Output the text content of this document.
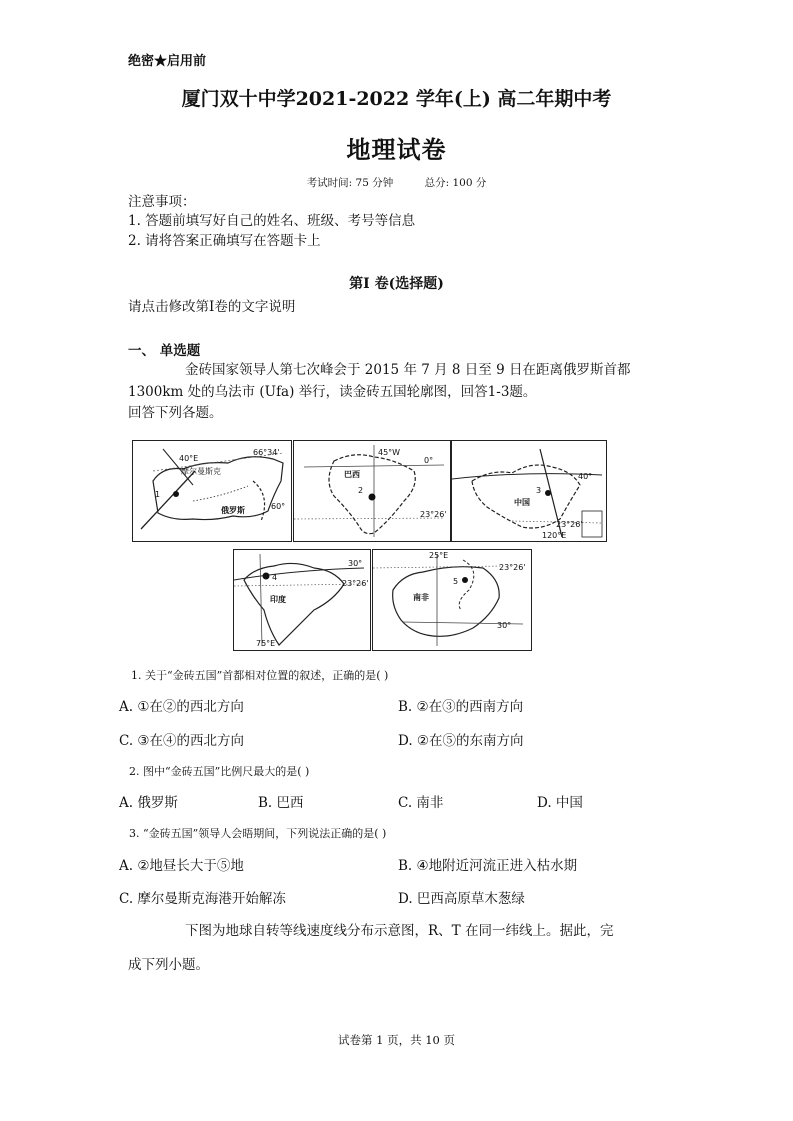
绝密★启用前
厦门双十中学2021-2022 学年(上) 高二年期中考
地理试卷
考试时间: 75 分钟	总分: 100 分
注意事项：
1. 答题前填写好自己的姓名、班级、考号等信息
2. 请将答案正确填写在答题卡上
第Ⅰ 卷(选择题)
请点击修改第Ⅰ卷的文字说明
一、 单选题
金砖国家领导人第七次峰会于 2015 年 7 月 8 日至 9 日在距离俄罗斯首都
1300km 处的乌法市 (Ufa) 举行，读金砖五国轮廓图，回答1-3题。
回答下列各题。
1
40°E
摩尔曼斯克
66°34'
60°
俄罗斯
2
45°W
0°
23°26'
巴西
3
40°
23°26'
120°E
中国
4
30°
23°26'
75°E
印度
5
25°E
23°26'
30°
南非
1. 关于“金砖五国”首都相对位置的叙述，正确的是( )
A. ①在②的西北方向	B. ②在③的西南方向
C. ③在④的西北方向	D. ②在⑤的东南方向
2. 图中“金砖五国”比例尺最大的是( )
A. 俄罗斯	B. 巴西	C. 南非	D. 中国
3. “金砖五国”领导人会晤期间，下列说法正确的是( )
A. ②地昼长大于⑤地	B. ④地附近河流正进入枯水期
C. 摩尔曼斯克海港开始解冻	D. 巴西高原草木葱绿
下图为地球自转等线速度线分布示意图，R、T 在同一纬线上。据此，完
成下列小题。
试卷第 1 页，共 10 页
